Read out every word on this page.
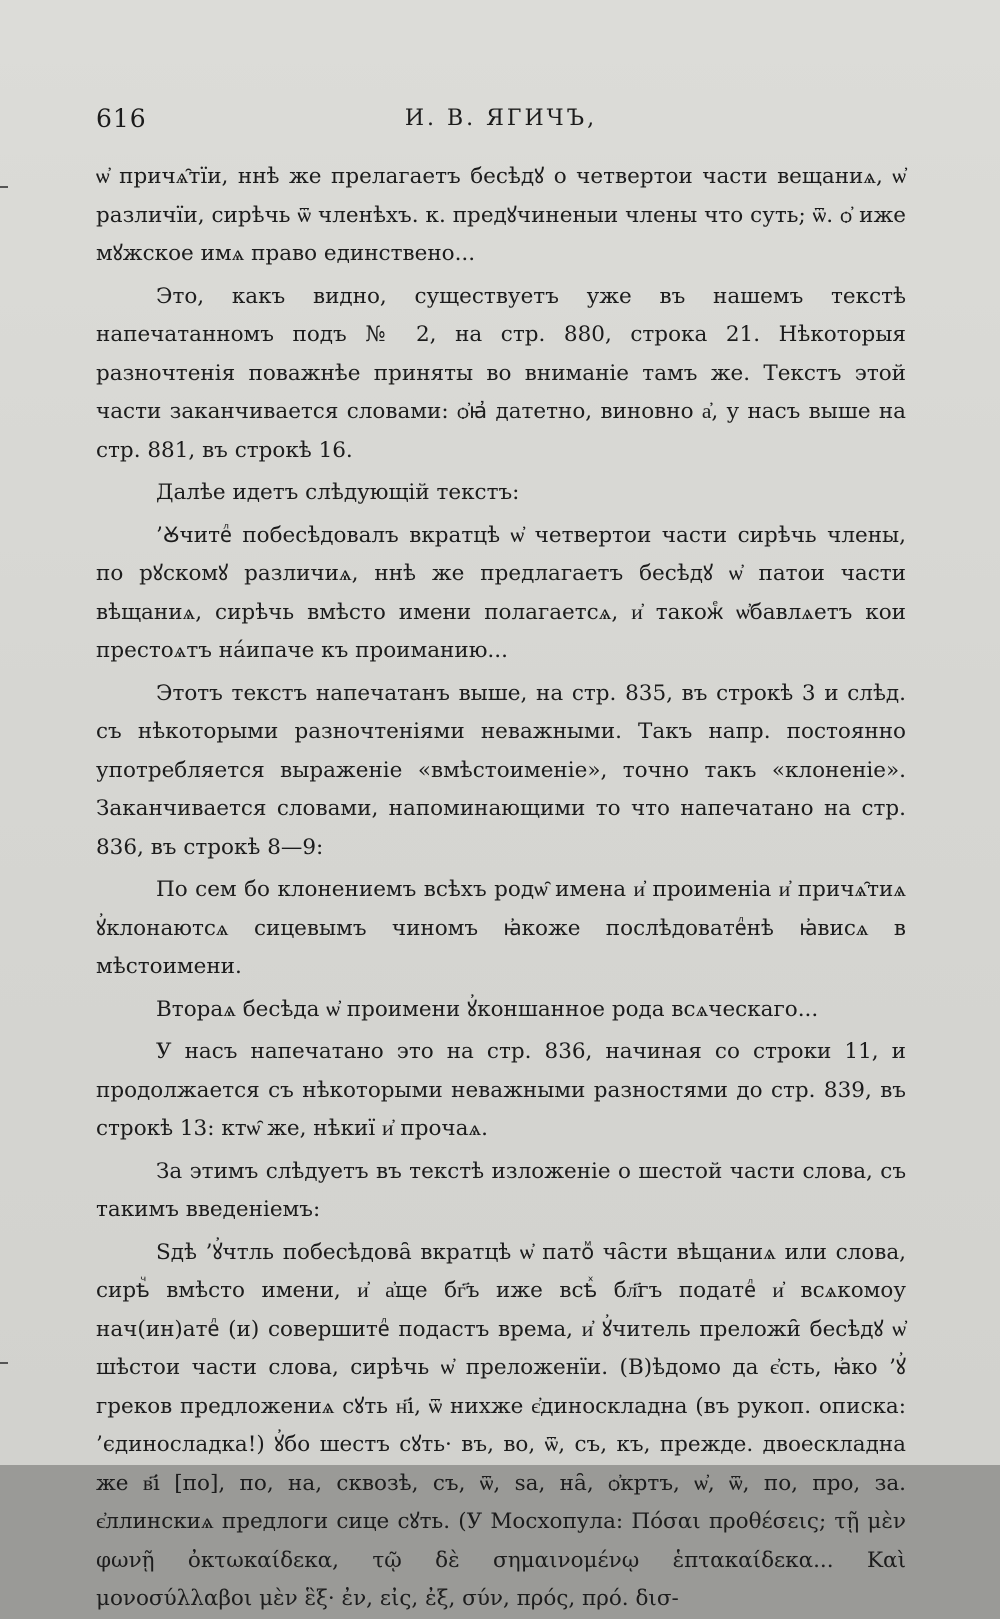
616	И. В. ЯГИЧЪ,

ѡ҆ причѧ̑тїи, ннѣ же прелагаетъ бесѣдꙋ о четвертои части вещаниѧ, ѡ҆ различїи, сирѣчь ѿ членѣхъ. к. предꙋчиненыи члены что суть; ѿ. ѻ҆ иже мꙋжское имѧ право единствено...

Это, какъ видно, существуетъ уже въ нашемъ текстѣ напечатанномъ подъ № 2, на стр. 880, строка 21. Нѣкоторыя разночтенія поважнѣе приняты во вниманіе тамъ же. Текстъ этой части заканчивается словами: ѻ҆ꙗ҆ датетно, виновно а҆, у насъ выше на стр. 881, въ строкѣ 16.

Далѣе идетъ слѣдующій текстъ:

’Ꙋчитеⷧ побесѣдовалъ вкратцѣ ѡ҆ четвертои части сирѣчь члены, по рꙋскомꙋ различиѧ, ннѣ же предлагаетъ бесѣдꙋ ѡ҆ патои части вѣщаниѧ, сирѣчь вмѣсто имени полагаетсѧ, и҆ такожⷷ ѡ҆бавлѧетъ кои престоѧтъ на́ипаче къ проиманию...

Этотъ текстъ напечатанъ выше, на стр. 835, въ строкѣ 3 и слѣд. съ нѣкоторыми разночтеніями неважными. Такъ напр. постоянно употребляется выраженіе «вмѣстоименіе», точно такъ «клоненіе». Заканчивается словами, напоминающими то что напечатано на стр. 836, въ строкѣ 8—9:

По сем бо клонениемъ всѣхъ родѡ̑ имена и҆ проименіа и҆ причѧ̑тиѧ ꙋ҆клонаютсѧ сицевымъ чиномъ ꙗ҆коже послѣдоватеⷧнѣ ꙗ҆висѧ в мѣстоимени.

Втораѧ бесѣда ѡ҆ проимени ꙋ҆коншанное рода всѧческаго...

У насъ напечатано это на стр. 836, начиная со строки 11, и продолжается съ нѣкоторыми неважными разностями до стр. 839, въ строкѣ 13: ктѡ̑ же, нѣкиї и҆ прочаѧ.

За этимъ слѣдуетъ въ текстѣ изложеніе о шестой части слова, съ такимъ введеніемъ:

Ѕдѣ ’ꙋ҆чтль побесѣдова̑ вкратцѣ ѡ҆ патоⷨ ча̑сти вѣщаниѧ или слова, сирѣⷱ вмѣсто имени, и҆ а҆ще бг҃ъ иже всѣⷯ бл҃гъ податеⷧ и҆ всѧкомоу нач(ин)атеⷧ (и) совершитеⷧ подастъ врема, и҆ ꙋ҆читель преложи̑ бесѣдꙋ ѡ҆ шѣстои части слова, сирѣчь ѡ҆ преложенїи. (В)ѣдомо да є҆сть, ꙗ҆ко ’ꙋ҆ греков предложениѧ сꙋть н҃і, ѿ нихже є҆диноскладна (въ рукоп. описка: ’єдиносладка!) ꙋ҆бо шестъ сꙋть· въ, во, ѿ, съ, къ, прежде. двоескладна же в҃і [по], по, на, сквозѣ, съ, ѿ, ѕа, на̑, ѻ҆кртъ, ѡ҆, ѿ, по, про, за. є҆ллинскиѧ предлоги сице сꙋть. (У Мосхопула: Πόσαι προθέσεις; τῇ μὲν φωνῇ ὀκτωκαίδεκα, τῷ δὲ σημαινομένῳ ἑπτακαίδεκα... Καὶ μονοσύλλαβοι μὲν ἓξ· ἐν, εἰς, ἐξ, σύν, πρός, πρό. δισ-
